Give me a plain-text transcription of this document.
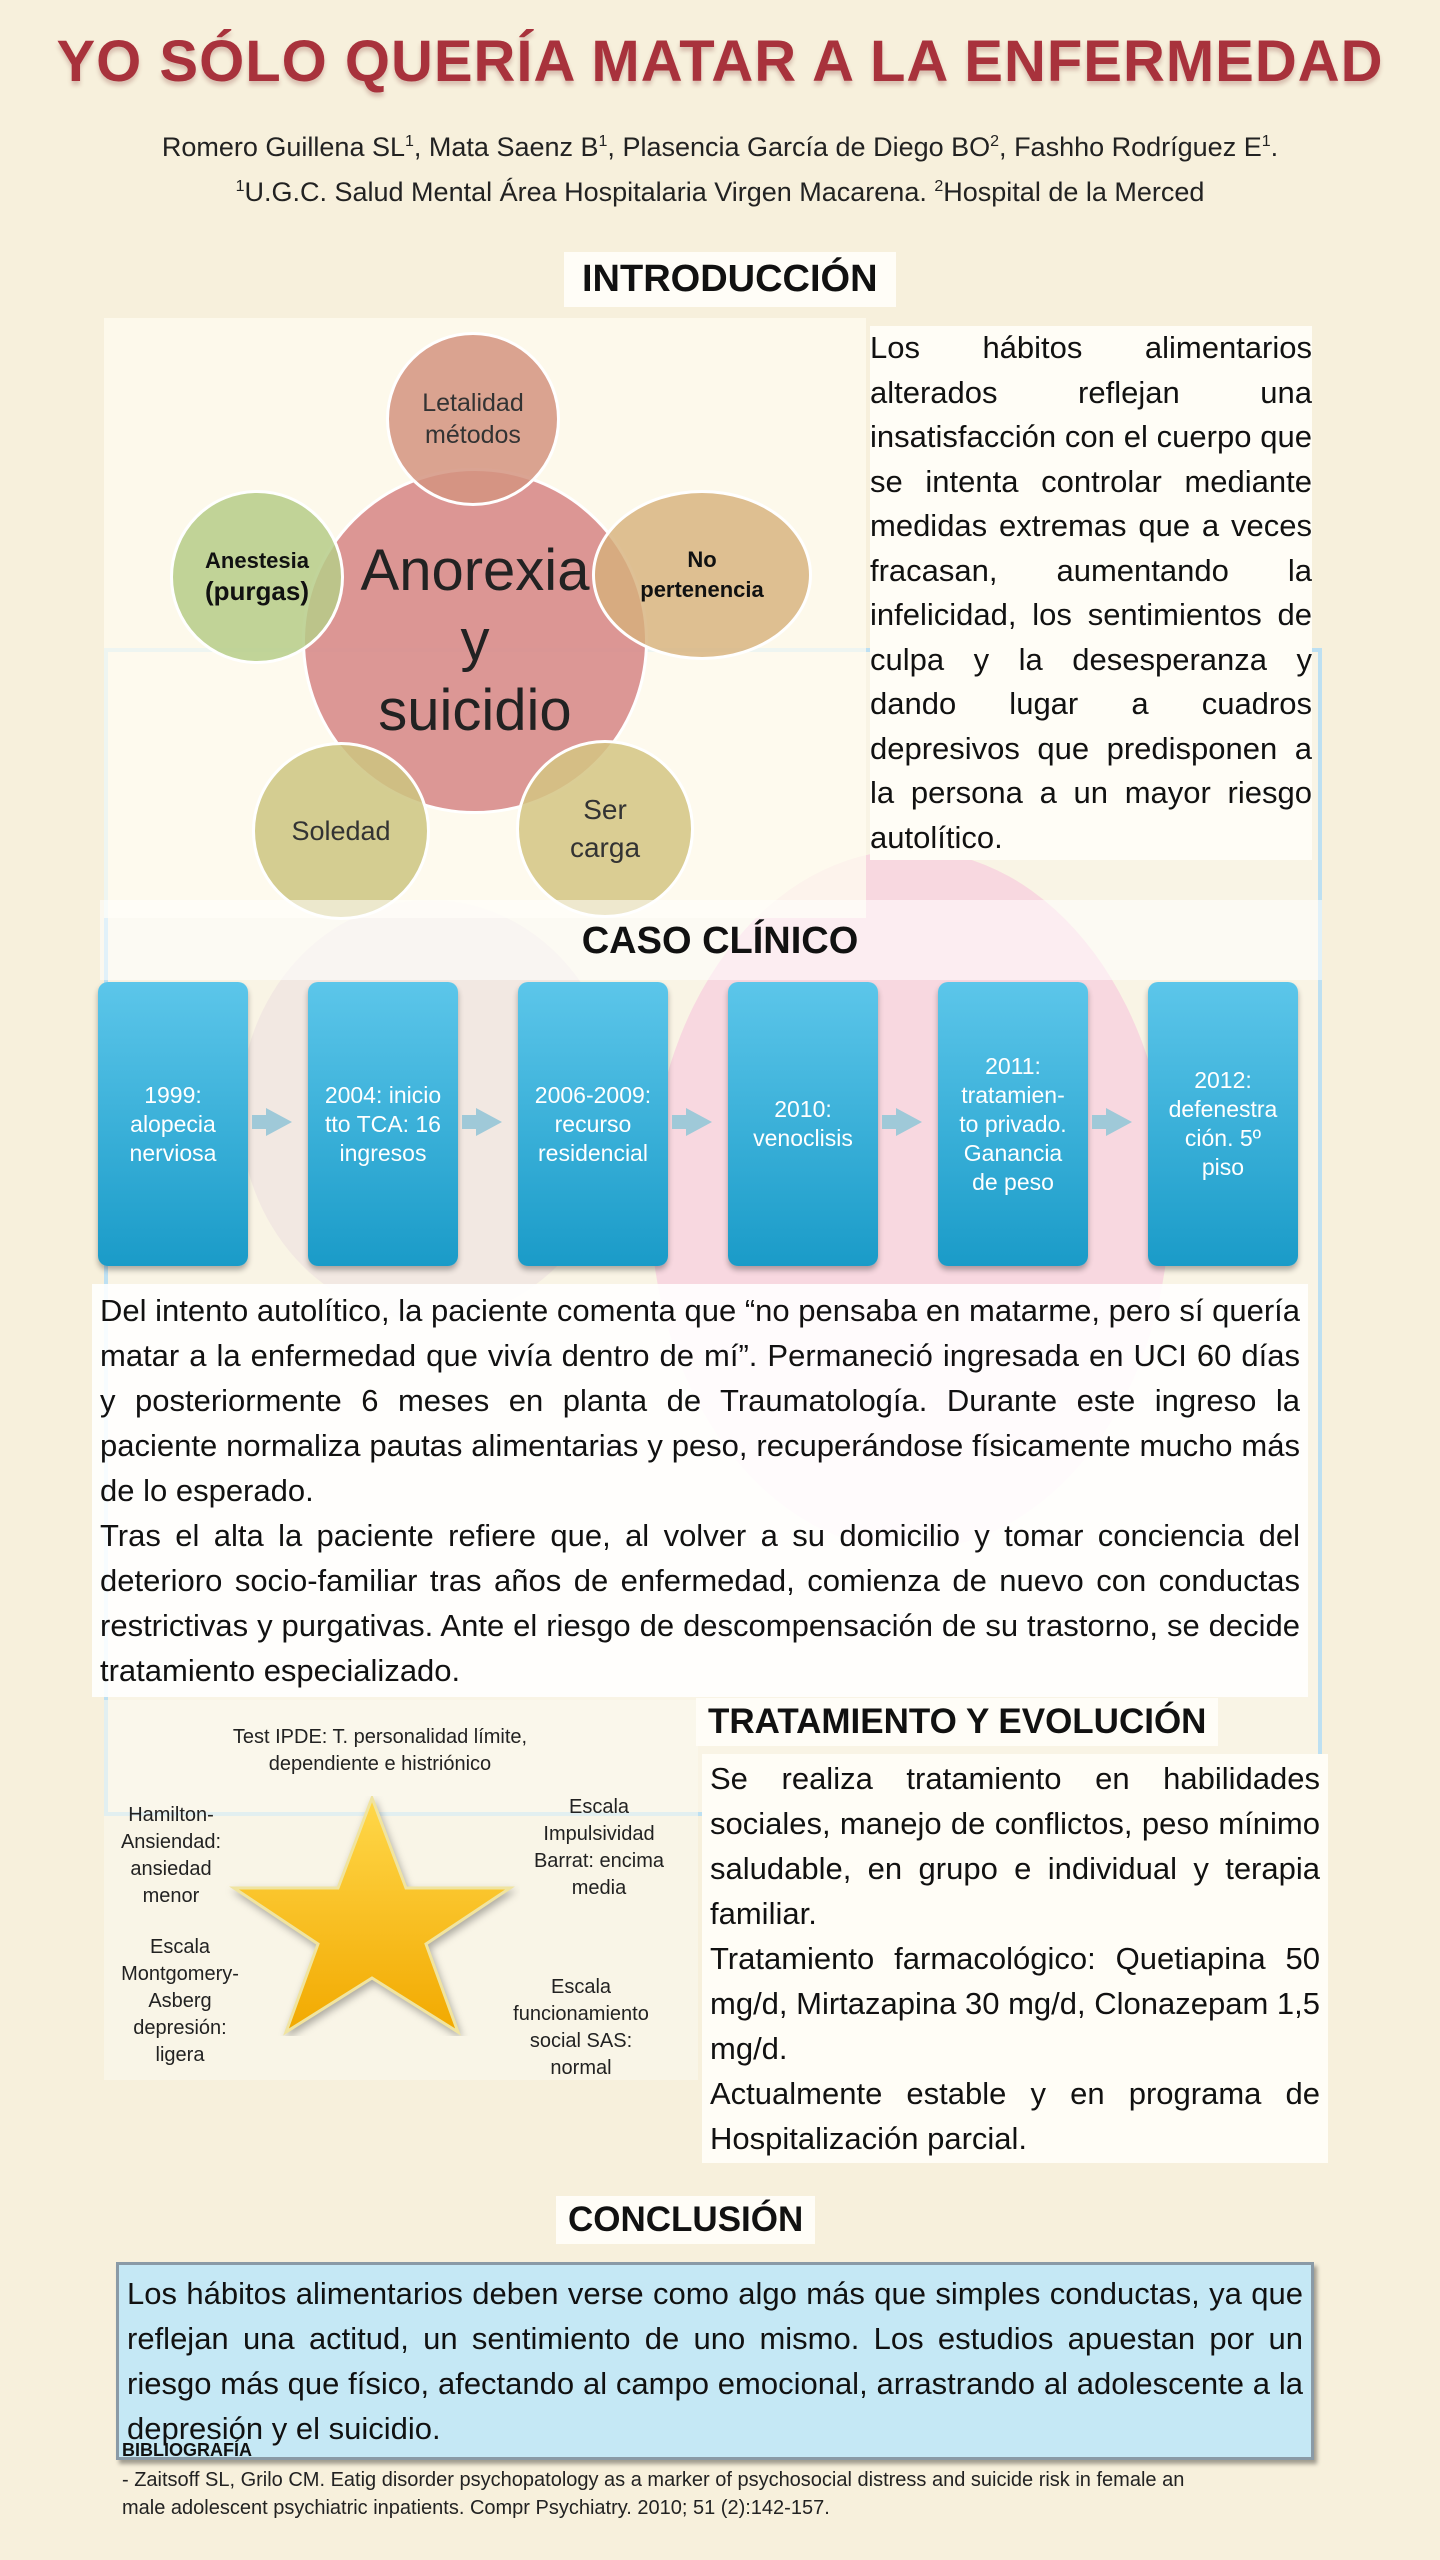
YO SÓLO QUERÍA MATAR A LA ENFERMEDAD
Romero Guillena $SL^1$, Mata Saenz $B^1$, Plasencia García de Diego $BO^2$, Fashho Rodríguez $E^1$.
$^1$U.G.C. Salud Mental Área Hospitalaria Virgen Macarena. $^2$Hospital de la Merced
INTRODUCCIÓN
Anorexia
y
suicidio
Letalidad
métodos
Anestesia
(purgas)
No
pertenencia
Soledad
Ser
carga
Los hábitos alimentarios alterados reflejan una insatisfacción con el cuerpo que se intenta controlar mediante medidas extremas que a veces fracasan, aumentando la infelicidad, los sentimientos de culpa y la desesperanza y dando lugar a cuadros depresivos que predisponen a la persona a un mayor riesgo autolítico.
CASO CLÍNICO
1999:
alopecia
nerviosa
2004: inicio
tto TCA: 16
ingresos
2006-2009:
recurso
residencial
2010:
venoclisis
2011:
tratamien-
to privado.
Ganancia
de peso
2012:
defenestra
ción. 5º
piso

Del intento autolítico, la paciente comenta que “no pensaba en matarme, pero sí quería matar a la enfermedad que vivía dentro de mí”. Permaneció ingresada en UCI 60 días y posteriormente 6 meses en planta de Traumatología. Durante este ingreso la paciente normaliza pautas alimentarias y peso, recuperándose físicamente mucho más de lo esperado.

Tras el alta la paciente refiere que, al volver a su domicilio y tomar conciencia del deterioro socio-familiar tras años de enfermedad, comienza de nuevo con conductas restrictivas y purgativas. Ante el riesgo de descompensación de su trastorno, se decide tratamiento especializado.

Test IPDE: T. personalidad límite,
dependiente e histriónico
Hamilton-
Ansiendad:
ansiedad
menor
Escala
Impulsividad
Barrat: encima
media
Escala
Montgomery-
Asberg
depresión:
ligera
Escala
funcionamiento
social SAS:
normal
TRATAMIENTO Y EVOLUCIÓN

Se realiza tratamiento en habilidades sociales, manejo de conflictos, peso mínimo saludable, en grupo e individual y terapia familiar.

Tratamiento farmacológico: Quetiapina 50 mg/d, Mirtazapina 30 mg/d, Clonazepam 1,5 mg/d.

Actualmente estable y en programa de Hospitalización parcial.

CONCLUSIÓN
Los hábitos alimentarios deben verse como algo más que simples conductas, ya que reflejan una actitud, un sentimiento de uno mismo. Los estudios apuestan por un riesgo más que físico, afectando al campo emocional, arrastrando al adolescente a la depresión y el suicidio.
BIBLIOGRAFÍA
- Zaitsoff SL, Grilo CM. Eatig disorder psychopatology as a marker of psychosocial distress and suicide risk in female an
male adolescent psychiatric inpatients. Compr Psychiatry. 2010; 51 (2):142-157.
